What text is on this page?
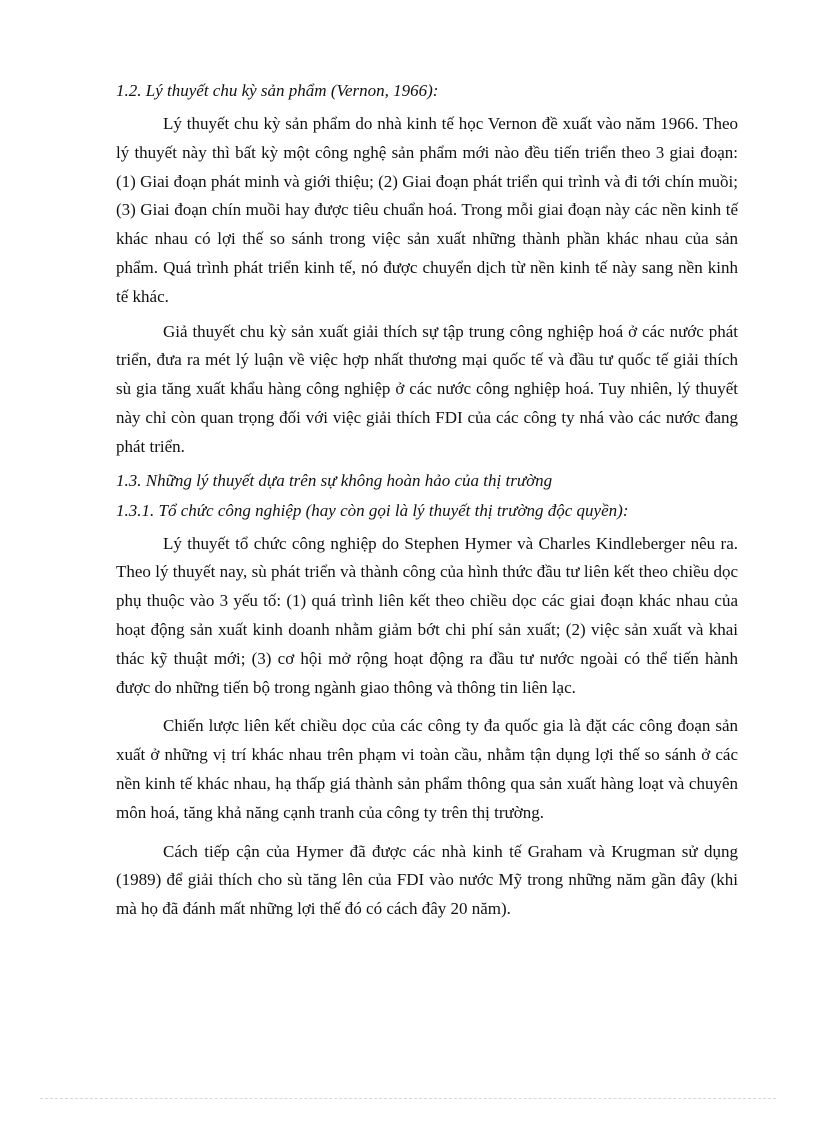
1.2. Lý thuyết chu kỳ sản phẩm (Vernon, 1966):

Lý thuyết chu kỳ sản phẩm do nhà kinh tế học Vernon đề xuất vào năm 1966. Theo lý thuyết này thì bất kỳ một công nghệ sản phẩm mới nào đều tiến triển theo 3 giai đoạn: (1) Giai đoạn phát minh và giới thiệu; (2) Giai đoạn phát triển qui trình và đi tới chín muồi; (3) Giai đoạn chín muồi hay được tiêu chuẩn hoá. Trong mỗi giai đoạn này các nền kinh tế khác nhau có lợi thế so sánh trong việc sản xuất những thành phần khác nhau của sản phẩm. Quá trình phát triển kinh tế, nó được chuyển dịch từ nền kinh tế này sang nền kinh tế khác.

Giả thuyết chu kỳ sản xuất giải thích sự tập trung công nghiệp hoá ở các nước phát triển, đưa ra mét lý luận về việc hợp nhất thương mại quốc tế và đầu tư quốc tế giải thích sù gia tăng xuất khẩu hàng công nghiệp ở các nước công nghiệp hoá. Tuy nhiên, lý thuyết này chỉ còn quan trọng đối với việc giải thích FDI của các công ty nhá vào các nước đang phát triển.

1.3. Những lý thuyết dựa trên sự không hoàn hảo của thị trường

1.3.1. Tổ chức công nghiệp (hay còn gọi là lý thuyết thị trường độc quyền):

Lý thuyết tổ chức công nghiệp do Stephen Hymer và Charles Kindleberger nêu ra. Theo lý thuyết nay, sù phát triển và thành công của hình thức đầu tư liên kết theo chiều dọc phụ thuộc vào 3 yếu tố: (1) quá trình liên kết theo chiều dọc các giai đoạn khác nhau của hoạt động sản xuất kinh doanh nhằm giảm bớt chi phí sản xuất; (2) việc sản xuất và khai thác kỹ thuật mới; (3) cơ hội mở rộng hoạt động ra đầu tư nước ngoài có thể tiến hành được do những tiến bộ trong ngành giao thông và thông tin liên lạc.

Chiến lược liên kết chiều dọc của các công ty đa quốc gia là đặt các công đoạn sản xuất ở những vị trí khác nhau trên phạm vi toàn cầu, nhằm tận dụng lợi thế so sánh ở các nền kinh tế khác nhau, hạ thấp giá thành sản phẩm thông qua sản xuất hàng loạt và chuyên môn hoá, tăng khả năng cạnh tranh của công ty trên thị trường.

Cách tiếp cận của Hymer đã được các nhà kinh tế Graham và Krugman sử dụng (1989) để giải thích cho sù tăng lên của FDI vào nước Mỹ trong những năm gần đây (khi mà họ đã đánh mất những lợi thế đó có cách đây 20 năm).
